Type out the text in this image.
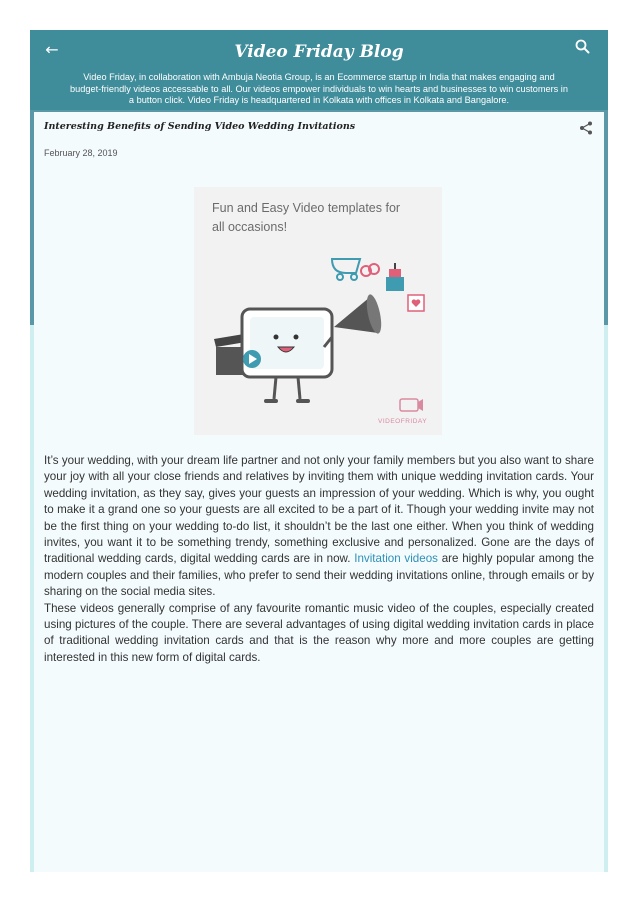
←	Video Friday Blog
Video Friday, in collaboration with Ambuja Neotia Group, is an Ecommerce startup in India that makes engaging and budget-friendly videos accessable to all. Our videos empower individuals to win hearts and businesses to win customers in a button click. Video Friday is headquartered in Kolkata with offices in Kolkata and Bangalore.
Interesting Benefits of Sending Video Wedding Invitations
February 28, 2019
Fun and Easy Video templates for all occasions!
VIDEOFRIDAY

It’s your wedding, with your dream life partner and not only your family members but you also want to share your joy with all your close friends and relatives by inviting them with unique wedding invitation cards. Your wedding invitation, as they say, gives your guests an impression of your wedding. Which is why, you ought to make it a grand one so your guests are all excited to be a part of it. Though your wedding invite may not be the first thing on your wedding to-do list, it shouldn’t be the last one either. When you think of wedding invites, you want it to be something trendy, something exclusive and personalized. Gone are the days of traditional wedding cards, digital wedding cards are in now. Invitation videos are highly popular among the modern couples and their families, who prefer to send their wedding invitations online, through emails or by sharing on the social media sites.

These videos generally comprise of any favourite romantic music video of the couples, especially created using pictures of the couple. There are several advantages of using digital wedding invitation cards in place of traditional wedding invitation cards and that is the reason why more and more couples are getting interested in this new form of digital cards.
